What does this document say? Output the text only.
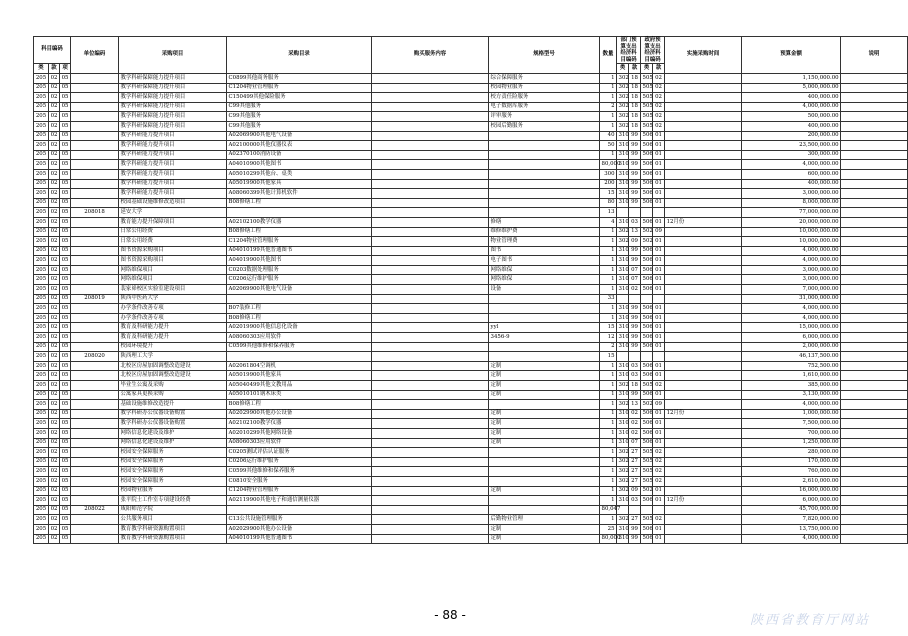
科目编码			单位编码	采购项目	采购目录	购买服务内容	规格型号	数量	部门预算支出经济科目编码		政府预算支出经济科目编码		实施采购时间	预算金额	说明

类	款	项							类	款	类	款			
205	02	05		教学科研保障能力提升项目	C0899其他商务服务		综合保障服务	1	302	18	505	02		1,150,000.00	
205	02	05		教学科研保障能力提升项目	C1204物业管理服务		校园物业服务	1	302	18	505	02		5,000,000.00	
205	02	05		教学科研保障能力提升项目	C150499其他保险服务		校方责任险服务	1	302	18	505	02		400,000.00	
205	02	05		教学科研保障能力提升项目	C99其他服务		电子数据库服务	2	302	18	505	02		4,000,000.00	
205	02	05		教学科研保障能力提升项目	C99其他服务		评审服务	1	302	18	505	02		500,000.00	
205	02	05		教学科研保障能力提升项目	C99其他服务		校园后勤服务	1	302	18	505	02		400,000.00	
205	02	05		教学科研能力提升项目	A02069900其他电气设备			40	310	99	506	01		200,000.00	
205	02	05		教学科研能力提升项目	A02100000其他仪器仪表			50	310	99	506	01		23,500,000.00	
205	02	05		教学科研能力提升项目	A02370100消防设备			1	310	99	506	01		300,000.00	
205	02	05		教学科研能力提升项目	A04010900其他图书			80,000	310	99	506	01		4,000,000.00	
205	02	05		教学科研能力提升项目	A05010299其他台、桌类			300	310	99	506	01		600,000.00	
205	02	05		教学科研能力提升项目	A05019900其他家具			200	310	99	506	01		400,000.00	
205	02	05		教学科研能力提升项目	A08060399其他计算机软件			15	310	99	506	01		3,000,000.00	
205	02	05		校园基础设施维修改造项目	B08修缮工程			80	310	99	506	01		8,000,000.00	
205	02	05	208018	延安大学				13						77,000,000.00	
205	02	05		教育能力提升保障项目	A02102100教学仪器		修缮	4	310	03	506	01	12月份	20,000,000.00	
205	02	05		日常公用经费	B08修缮工程		维修维护费	1	302	13	502	09		10,000,000.00	
205	02	05		日常公用经费	C1204物业管理服务		物业管理费	1	302	09	502	01		10,000,000.00	
205	02	05		图书资源采购项目	A04010199其他普通图书		图书	1	310	99	506	01		4,000,000.00	
205	02	05		图书资源采购项目	A04019900其他图书		电子图书	1	310	99	506	01		4,000,000.00	
205	02	05		网络维保项目	C0203数据处理服务		网络维保	1	310	07	506	01		3,000,000.00	
205	02	05		网络维保项目	C0206运行维护服务		网络维保	1	310	07	506	01		3,000,000.00	
205	02	05		裴家峁校区实验室建设项目	A02069900其他电气设备		设备	1	310	02	506	01		7,000,000.00	
205	02	05	208019	陕西中医药大学				33						31,000,000.00	
205	02	05		办学条件改善专项	B07装修工程			1	310	99	506	01		4,000,000.00	
205	02	05		办学条件改善专项	B08修缮工程			1	310	99	506	01		4,000,000.00	
205	02	05		教育及科研能力提升	A02019900其他信息化设备		yyl	15	310	99	506	01		15,000,000.00	
205	02	05		教育及科研能力提升	A08060303应用软件		3456-9	12	310	99	506	01		6,000,000.00	
205	02	05		校园环境提升	C0599其他维修和保养服务			2	310	99	506	01		2,000,000.00	
205	02	05	208020	陕西理工大学				15						46,137,500.00	
205	02	05		北校区房屋加固调整改造建设	A02061804空调机		定制	1	310	03	506	01		752,500.00	
205	02	05		北校区房屋加固调整改造建设	A05019900其他家具		定制	1	310	03	506	01		1,610,000.00	
205	02	05		毕业生公寓及采购	A05040499其他文教用品		定制	1	302	18	505	02		385,000.00	
205	02	05		公寓家具更换采购	A05010101钢木床类		定制	1	310	99	506	01		3,130,000.00	
205	02	05		基础设施维修改造提升	B08修缮工程			1	302	13	502	09		4,000,000.00	
205	02	05		教学科研办公仪器设备购置	A02029900其他办公设备		定制	1	310	02	506	01	12月份	1,000,000.00	
205	02	05		教学科研办公仪器设备购置	A02102100教学仪器		定制	1	310	02	506	01		7,500,000.00	
205	02	05		网络信息化建设及维护	A02010299其他网络设备		定制	1	310	02	506	01		700,000.00	
205	02	05		网络信息化建设及维护	A08060303应用软件		定制	1	310	07	506	01		1,250,000.00	
205	02	05		校园安全保障服务	C0205测试评估认证服务			1	302	27	505	02		280,000.00	
205	02	05		校园安全保障服务	C0206运行维护服务			1	302	27	505	02		170,000.00	
205	02	05		校园安全保障服务	C0599其他维修和保养服务			1	302	27	505	02		760,000.00	
205	02	05		校园安全保障服务	C0810安全服务			1	302	27	505	02		2,610,000.00	
205	02	05		校园物业服务	C1204物业管理服务		定制	1	302	09	502	01		16,000,000.00	
205	02	05		张平院士工作室专项建设经费	A02119900其他电子和通信测量仪器			1	310	03	506	01	12月份	6,000,000.00	
205	02	05	208022	咸阳师范学院				80,047						45,700,000.00	
205	02	05		公共服务项目	C13公共设施管理服务		后勤物业管理	1	302	27	505	02		7,820,000.00	
205	02	05		教育教学科研资源购置项目	A02029900其他办公设备		定制	25	310	99	506	01		13,750,000.00	
205	02	05		教育教学科研资源购置项目	A04010199其他普通图书		定制	80,000	310	99	506	01		4,000,000.00	
- 88 -	陕西省教育厅网站
